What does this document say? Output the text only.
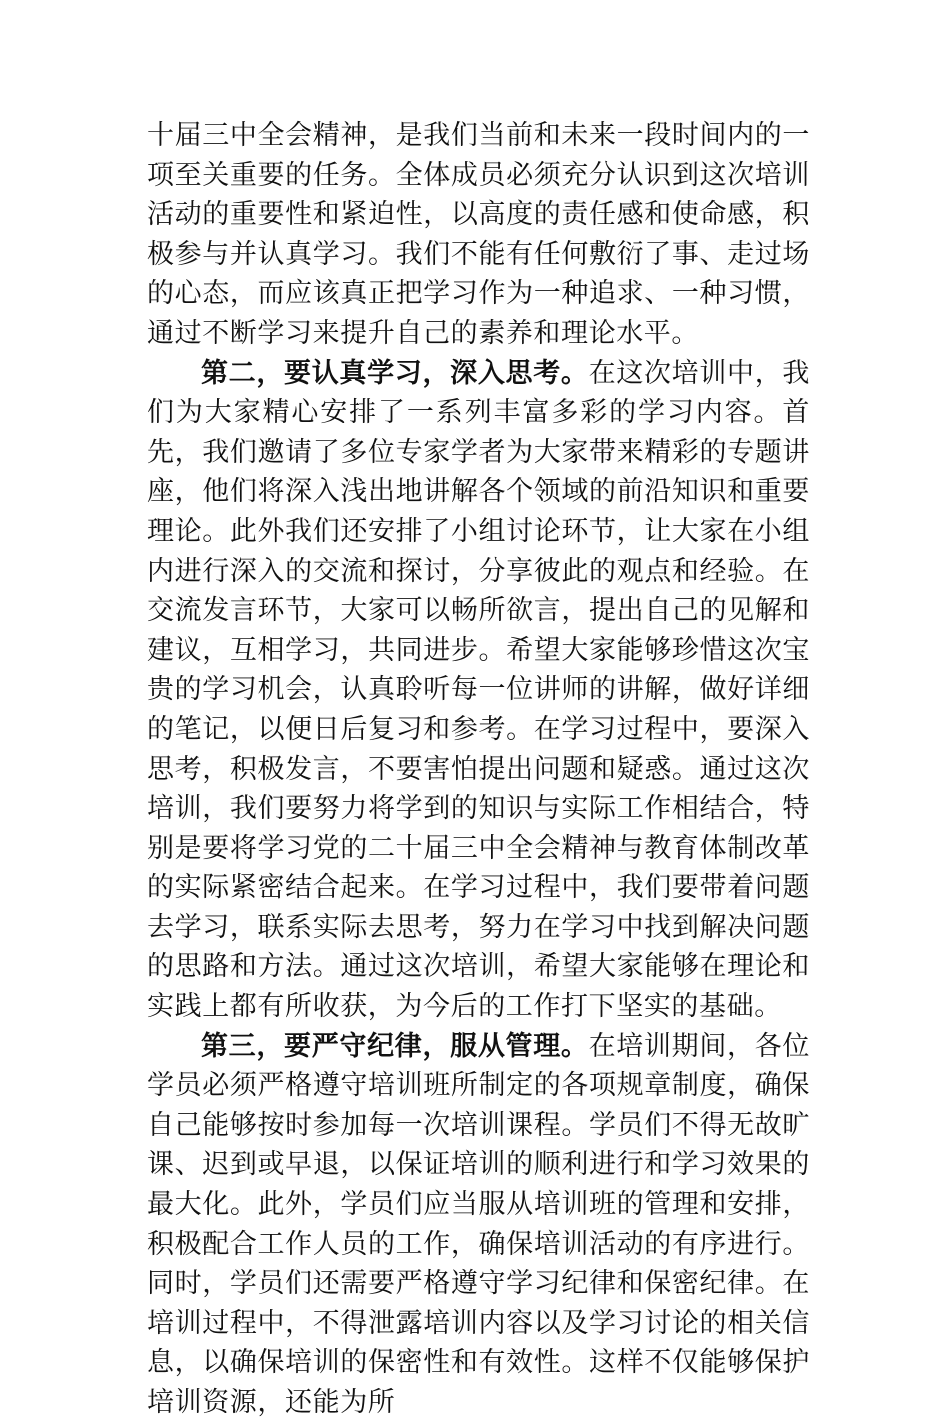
十届三中全会精神，是我们当前和未来一段时间内的一项至关重要的任务。全体成员必须充分认识到这次培训活动的重要性和紧迫性，以高度的责任感和使命感，积极参与并认真学习。我们不能有任何敷衍了事、走过场的心态，而应该真正把学习作为一种追求、一种习惯，通过不断学习来提升自己的素养和理论水平。

第二，要认真学习，深入思考。在这次培训中，我们为大家精心安排了一系列丰富多彩的学习内容。首先，我们邀请了多位专家学者为大家带来精彩的专题讲座，他们将深入浅出地讲解各个领域的前沿知识和重要理论。此外我们还安排了小组讨论环节，让大家在小组内进行深入的交流和探讨，分享彼此的观点和经验。在交流发言环节，大家可以畅所欲言，提出自己的见解和建议，互相学习，共同进步。希望大家能够珍惜这次宝贵的学习机会，认真聆听每一位讲师的讲解，做好详细的笔记，以便日后复习和参考。在学习过程中，要深入思考，积极发言，不要害怕提出问题和疑惑。通过这次培训，我们要努力将学到的知识与实际工作相结合，特别是要将学习党的二十届三中全会精神与教育体制改革的实际紧密结合起来。在学习过程中，我们要带着问题去学习，联系实际去思考，努力在学习中找到解决问题的思路和方法。通过这次培训，希望大家能够在理论和实践上都有所收获，为今后的工作打下坚实的基础。

第三，要严守纪律，服从管理。在培训期间，各位学员必须严格遵守培训班所制定的各项规章制度，确保自己能够按时参加每一次培训课程。学员们不得无故旷课、迟到或早退，以保证培训的顺利进行和学习效果的最大化。此外，学员们应当服从培训班的管理和安排，积极配合工作人员的工作，确保培训活动的有序进行。同时，学员们还需要严格遵守学习纪律和保密纪律。在培训过程中，不得泄露培训内容以及学习讨论的相关信息，以确保培训的保密性和有效性。这样不仅能够保护培训资源，还能为所
